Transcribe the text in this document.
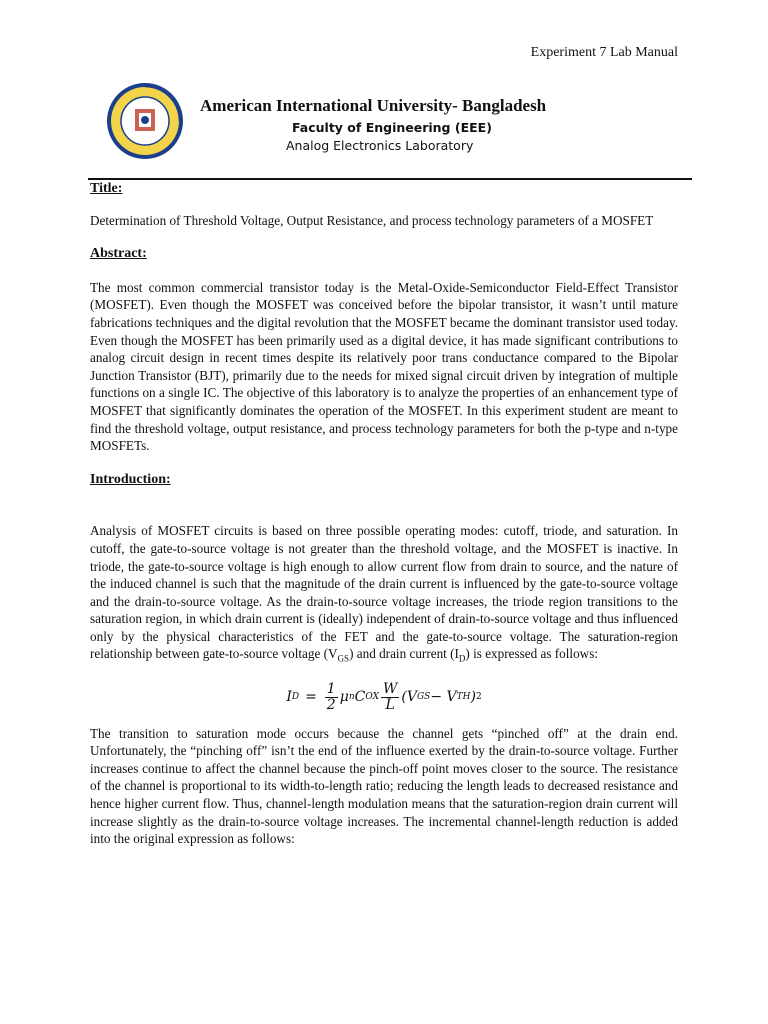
Experiment 7 Lab Manual
American International University- Bangladesh
Faculty of Engineering (EEE)
Analog Electronics Laboratory
Title:

Determination of Threshold Voltage, Output Resistance, and process technology parameters of a MOSFET

Abstract:

The most common commercial transistor today is the Metal-Oxide-Semiconductor Field-Effect Transistor (MOSFET). Even though the MOSFET was conceived before the bipolar transistor, it wasn’t until mature fabrications techniques and the digital revolution that the MOSFET became the dominant transistor used today. Even though the MOSFET has been primarily used as a digital device, it has made significant contributions to analog circuit design in recent times despite its relatively poor trans conductance compared to the Bipolar Junction Transistor (BJT), primarily due to the needs for mixed signal circuit driven by integration of multiple functions on a single IC. The objective of this laboratory is to analyze the properties of an enhancement type of MOSFET that significantly dominates the operation of the MOSFET. In this experiment student are meant to find the threshold voltage, output resistance, and process technology parameters for both the p-type and n-type MOSFETs.

Introduction:

Analysis of MOSFET circuits is based on three possible operating modes: cutoff, triode, and saturation. In cutoff, the gate-to-source voltage is not greater than the threshold voltage, and the MOSFET is inactive. In triode, the gate-to-source voltage is high enough to allow current flow from drain to source, and the nature of the induced channel is such that the magnitude of the drain current is influenced by the gate-to-source voltage and the drain-to-source voltage. As the drain-to-source voltage increases, the triode region transitions to the saturation region, in which drain current is (ideally) independent of drain-to-source voltage and thus influenced only by the physical characteristics of the FET and the gate-to-source voltage. The saturation-region relationship between gate-to-source voltage $(V_{GS})$ and drain current $(I_D)$ is expressed as follows:

I $D = \frac{1}{2}$ μ n C OX $\frac{W}{L} (V$ GS − V TH ) 2

The transition to saturation mode occurs because the channel gets “pinched off” at the drain end. Unfortunately, the “pinching off” isn’t the end of the influence exerted by the drain-to-source voltage. Further increases continue to affect the channel because the pinch-off point moves closer to the source. The resistance of the channel is proportional to its width-to-length ratio; reducing the length leads to decreased resistance and hence higher current flow. Thus, channel-length modulation means that the saturation-region drain current will increase slightly as the drain-to-source voltage increases. The incremental channel-length reduction is added into the original expression as follows:
